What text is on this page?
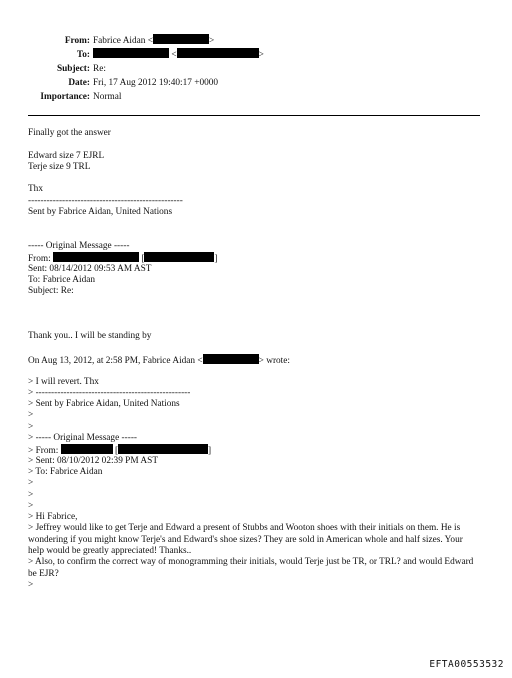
From: Fabrice Aidan <	>
To:	<	>
Subject: Re:
Date: Fri, 17 Aug 2012 19:40:17 +0000
Importance: Normal
Finally got the answer
Edward size 7 EJRL
Terje size 9 TRL
Thx
--------------------------------------------------
Sent by Fabrice Aidan, United Nations
----- Original Message -----
From:	[	]
Sent: 08/14/2012 09:53 AM AST
To: Fabrice Aidan
Subject: Re:
Thank you.. I will be standing by
On Aug 13, 2012, at 2:58 PM, Fabrice Aidan <	> wrote:
> I will revert. Thx
> --------------------------------------------------
> Sent by Fabrice Aidan, United Nations
>
>
> ----- Original Message -----
> From:	[	]
> Sent: 08/10/2012 02:39 PM AST
> To: Fabrice Aidan
>
>
>
> Hi Fabrice,
> Jeffrey would like to get Terje and Edward a present of Stubbs and Wooton shoes with their initials on them. He is wondering if you might know Terje's and Edward's shoe sizes? They are sold in American whole and half sizes. Your help would be greatly appreciated! Thanks..
> Also, to confirm the correct way of monogramming their initials, would Terje just be TR, or TRL? and would Edward be EJR?
>
EFTA00553532
